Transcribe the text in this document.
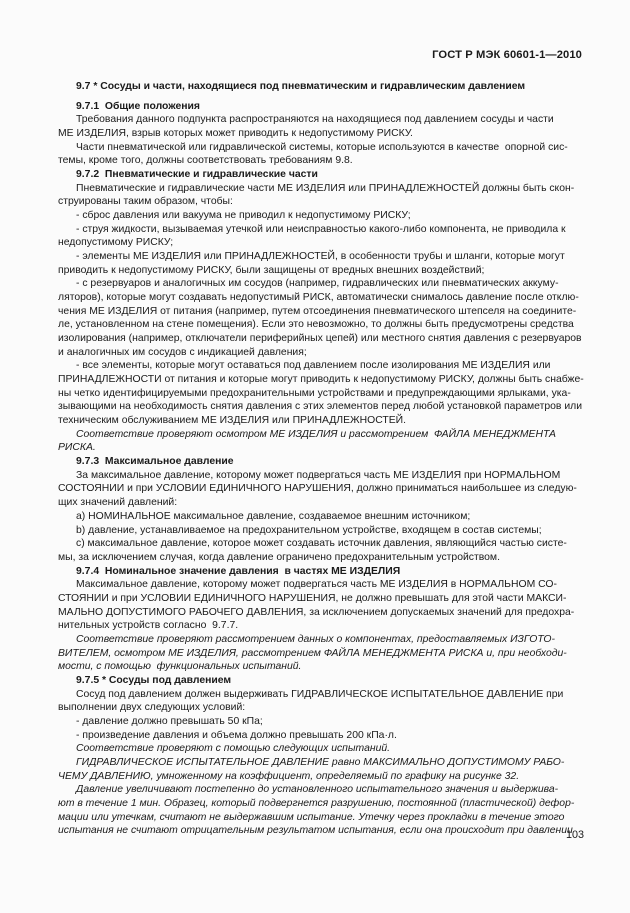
ГОСТ Р МЭК 60601-1—2010
9.7 * Сосуды и части, находящиеся под пневматическим и гидравлическим давлением
9.7.1  Общие положения
Требования данного подпункта распространяются на находящиеся под давлением сосуды и части
МЕ ИЗДЕЛИЯ, взрыв которых может приводить к недопустимому РИСКУ.
Части пневматической или гидравлической системы, которые используются в качестве  опорной сис-
темы, кроме того, должны соответствовать требованиям 9.8.
9.7.2  Пневматические и гидравлические части
Пневматические и гидравлические части МЕ ИЗДЕЛИЯ или ПРИНАДЛЕЖНОСТЕЙ должны быть скон-
струированы таким образом, чтобы:
- сброс давления или вакуума не приводил к недопустимому РИСКУ;
- струя жидкости, вызываемая утечкой или неисправностью какого-либо компонента, не приводила к
недопустимому РИСКУ;
- элементы МЕ ИЗДЕЛИЯ или ПРИНАДЛЕЖНОСТЕЙ, в особенности трубы и шланги, которые могут
приводить к недопустимому РИСКУ, были защищены от вредных внешних воздействий;
- с резервуаров и аналогичных им сосудов (например, гидравлических или пневматических аккуму-
ляторов), которые могут создавать недопустимый РИСК, автоматически снималось давление после отклю-
чения МЕ ИЗДЕЛИЯ от питания (например, путем отсоединения пневматического штепселя на соедините-
ле, установленном на стене помещения). Если это невозможно, то должны быть предусмотрены средства
изолирования (например, отключатели периферийных цепей) или местного снятия давления с резервуаров
и аналогичных им сосудов с индикацией давления;
- все элементы, которые могут оставаться под давлением после изолирования МЕ ИЗДЕЛИЯ или
ПРИНАДЛЕЖНОСТИ от питания и которые могут приводить к недопустимому РИСКУ, должны быть снабже-
ны четко идентифицируемыми предохранительными устройствами и предупреждающими ярлыками, ука-
зывающими на необходимость снятия давления с этих элементов перед любой установкой параметров или
техническим обслуживанием МЕ ИЗДЕЛИЯ или ПРИНАДЛЕЖНОСТЕЙ.
Соответствие проверяют осмотром МЕ ИЗДЕЛИЯ и рассмотрением  ФАЙЛА МЕНЕДЖМЕНТА
РИСКА.
9.7.3  Максимальное давление
За максимальное давление, которому может подвергаться часть МЕ ИЗДЕЛИЯ при НОРМАЛЬНОМ
СОСТОЯНИИ и при УСЛОВИИ ЕДИНИЧНОГО НАРУШЕНИЯ, должно приниматься наибольшее из следую-
щих значений давлений:
a) НОМИНАЛЬНОЕ максимальное давление, создаваемое внешним источником;
b) давление, устанавливаемое на предохранительном устройстве, входящем в состав системы;
c) максимальное давление, которое может создавать источник давления, являющийся частью систе-
мы, за исключением случая, когда давление ограничено предохранительным устройством.
9.7.4  Номинальное значение давления  в частях МЕ ИЗДЕЛИЯ
Максимальное давление, которому может подвергаться часть МЕ ИЗДЕЛИЯ в НОРМАЛЬНОМ СО-
СТОЯНИИ и при УСЛОВИИ ЕДИНИЧНОГО НАРУШЕНИЯ, не должно превышать для этой части МАКСИ-
МАЛЬНО ДОПУСТИМОГО РАБОЧЕГО ДАВЛЕНИЯ, за исключением допускаемых значений для предохра-
нительных устройств согласно  9.7.7.
Соответствие проверяют рассмотрением данных о компонентах, предоставляемых ИЗГОТО-
ВИТЕЛЕМ, осмотром МЕ ИЗДЕЛИЯ, рассмотрением ФАЙЛА МЕНЕДЖМЕНТА РИСКА и, при необходи-
мости, с помощью  функциональных испытаний.
9.7.5 * Сосуды под давлением
Сосуд под давлением должен выдерживать ГИДРАВЛИЧЕСКОЕ ИСПЫТАТЕЛЬНОЕ ДАВЛЕНИЕ при
выполнении двух следующих условий:
- давление должно превышать 50 кПа;
- произведение давления и объема должно превышать 200 кПа·л.
Соответствие проверяют с помощью следующих испытаний.
ГИДРАВЛИЧЕСКОЕ ИСПЫТАТЕЛЬНОЕ ДАВЛЕНИЕ равно МАКСИМАЛЬНО ДОПУСТИМОМУ РАБО-
ЧЕМУ ДАВЛЕНИЮ, умноженному на коэффициент, определяемый по графику на рисунке 32.
Давление увеличивают постепенно до установленного испытательного значения и выдержива-
ют в течение 1 мин. Образец, который подвергнется разрушению, постоянной (пластической) дефор-
мации или утечкам, считают не выдержавшим испытание. Утечку через прокладки в течение этого
испытания не считают отрицательным результатом испытания, если она происходит при давлении
103
